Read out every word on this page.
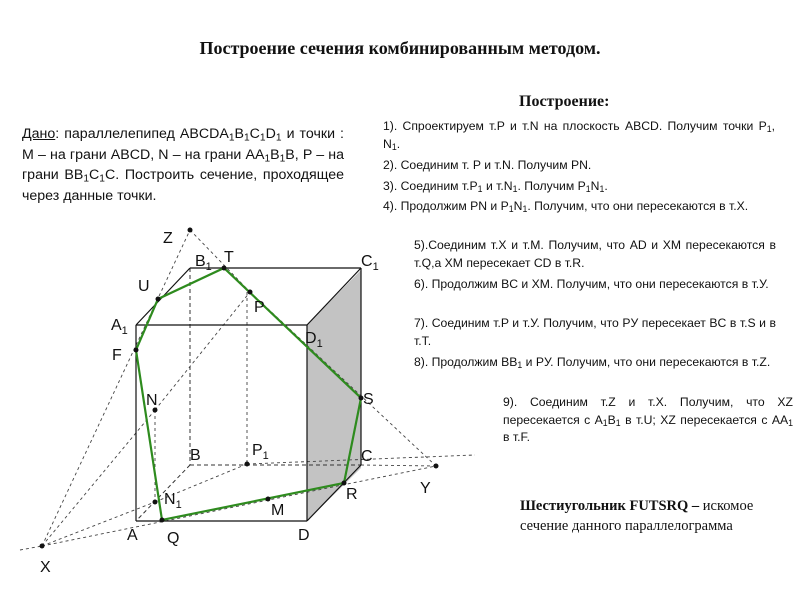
Построение сечения комбинированным методом.
Дано: параллелепипед $ABCDA_1B_1C_1D_1$ и точки : M – на грани ABCD, N – на грани $AA_1B_1B$, P – на грани $BB_1C_1C$. Построить сечение, проходящее через данные точки.
Построение:
1). Спроектируем т.P и т.N на плоскость ABCD. Получим точки $P_1$, $N_1$.
2). Соединим т. P и т.N. Получим PN.
3). Соединим $т.P_1$ и $т.N_1$. Получим $P_1N_1$.
4). Продолжим PN и $P_1N_1$. Получим, что они пересекаются в т.X.
5).Соединим т.X и т.M. Получим, что AD и XM пересекаются в т.Q,а XM пересекает CD в т.R.
6). Продолжим BC и XM. Получим, что они пересекаются в т.У.
7). Соединим т.P и т.У. Получим, что PУ пересекает BC в т.S и в т.T.
8). Продолжим $BB_1$ и PУ. Получим, что они пересекаются в т.Z.
9). Соединим т.Z и т.X. Получим, что XZ пересекается с $A_1B_1$ в т.U; XZ пересекается с $AA_1$ в т.F.
Шестиугольник FUTSRQ – искомое сечение данного параллелограмма
Z
T
$B_1$	$C_1$
U
P
$A_1$	$D_1$
F
N	S
$P_1$
B	C
Y
R
$N_1$	M
A Q	D
X
